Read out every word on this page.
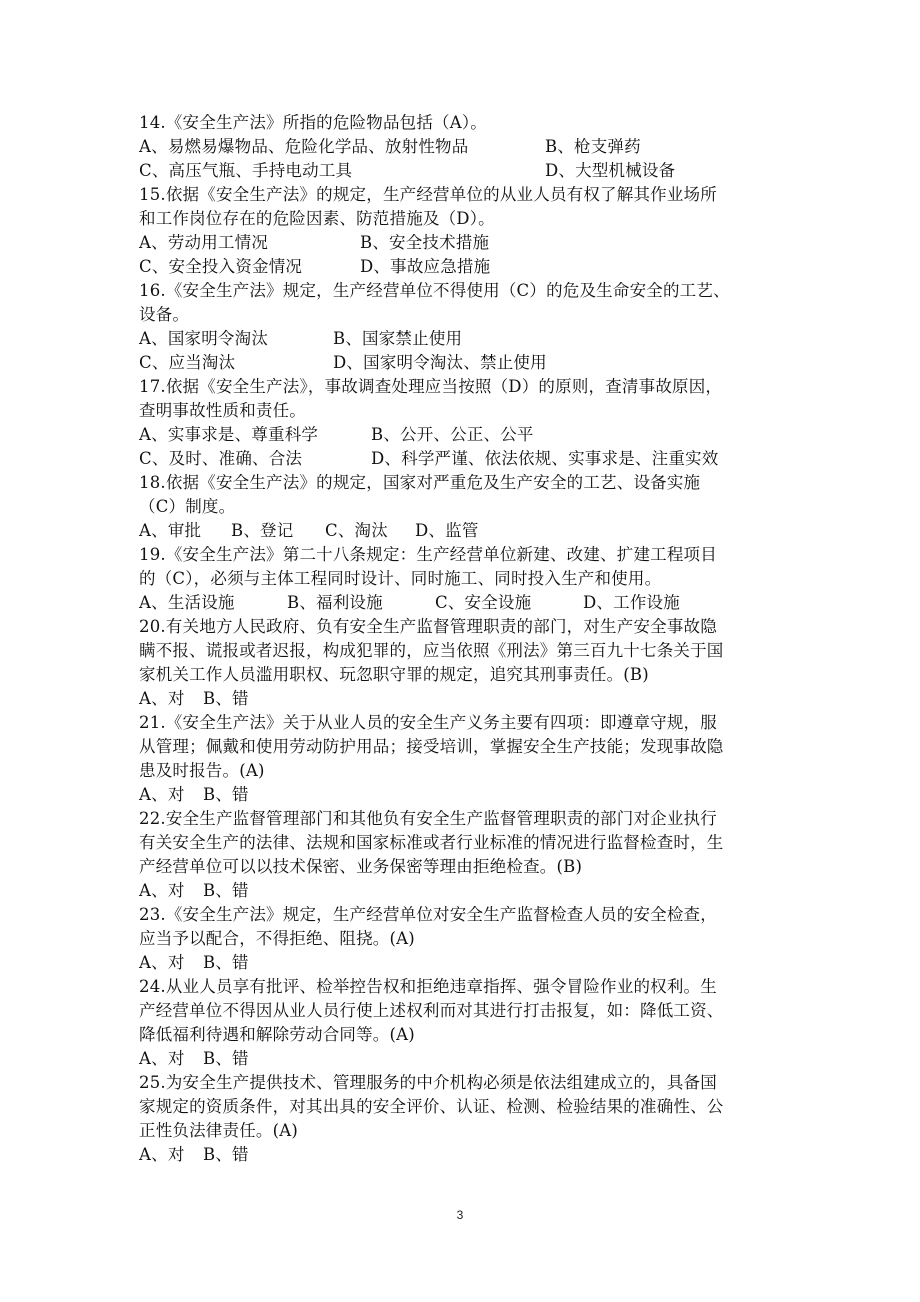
14.《安全生产法》所指的危险物品包括（A）。
A、易燃易爆物品、危险化学品、放射性物品	B、枪支弹药
C、高压气瓶、手持电动工具	D、大型机械设备
15.依据《安全生产法》的规定，生产经营单位的从业人员有权了解其作业场所
和工作岗位存在的危险因素、防范措施及（D）。
A、劳动用工情况	B、安全技术措施
C、安全投入资金情况	D、事故应急措施
16.《安全生产法》规定，生产经营单位不得使用（C）的危及生命安全的工艺、
设备。
A、国家明令淘汰	B、国家禁止使用
C、应当淘汰	D、国家明令淘汰、禁止使用
17.依据《安全生产法》，事故调查处理应当按照（D）的原则，查清事故原因，
查明事故性质和责任。
A、实事求是、尊重科学	B、公开、公正、公平
C、及时、准确、合法	D、科学严谨、依法依规、实事求是、注重实效
18.依据《安全生产法》的规定，国家对严重危及生产安全的工艺、设备实施
（C）制度。
A、审批 B、登记 C、淘汰 D、监管
19.《安全生产法》第二十八条规定：生产经营单位新建、改建、扩建工程项目
的（C），必须与主体工程同时设计、同时施工、同时投入生产和使用。
A、生活设施	B、福利设施	C、安全设施	D、工作设施
20.有关地方人民政府、负有安全生产监督管理职责的部门，对生产安全事故隐
瞒不报、谎报或者迟报，构成犯罪的，应当依照《刑法》第三百九十七条关于国
家机关工作人员滥用职权、玩忽职守罪的规定，追究其刑事责任。(B)
A、对 B、错
21.《安全生产法》关于从业人员的安全生产义务主要有四项：即遵章守规，服
从管理；佩戴和使用劳动防护用品；接受培训，掌握安全生产技能；发现事故隐
患及时报告。(A)
A、对 B、错
22.安全生产监督管理部门和其他负有安全生产监督管理职责的部门对企业执行
有关安全生产的法律、法规和国家标准或者行业标准的情况进行监督检查时，生
产经营单位可以以技术保密、业务保密等理由拒绝检查。(B)
A、对 B、错
23.《安全生产法》规定，生产经营单位对安全生产监督检查人员的安全检查，
应当予以配合，不得拒绝、阻挠。(A)
A、对 B、错
24.从业人员享有批评、检举控告权和拒绝违章指挥、强令冒险作业的权利。生
产经营单位不得因从业人员行使上述权利而对其进行打击报复，如：降低工资、
降低福利待遇和解除劳动合同等。(A)
A、对 B、错
25.为安全生产提供技术、管理服务的中介机构必须是依法组建成立的，具备国
家规定的资质条件，对其出具的安全评价、认证、检测、检验结果的准确性、公
正性负法律责任。(A)
A、对 B、错
3
